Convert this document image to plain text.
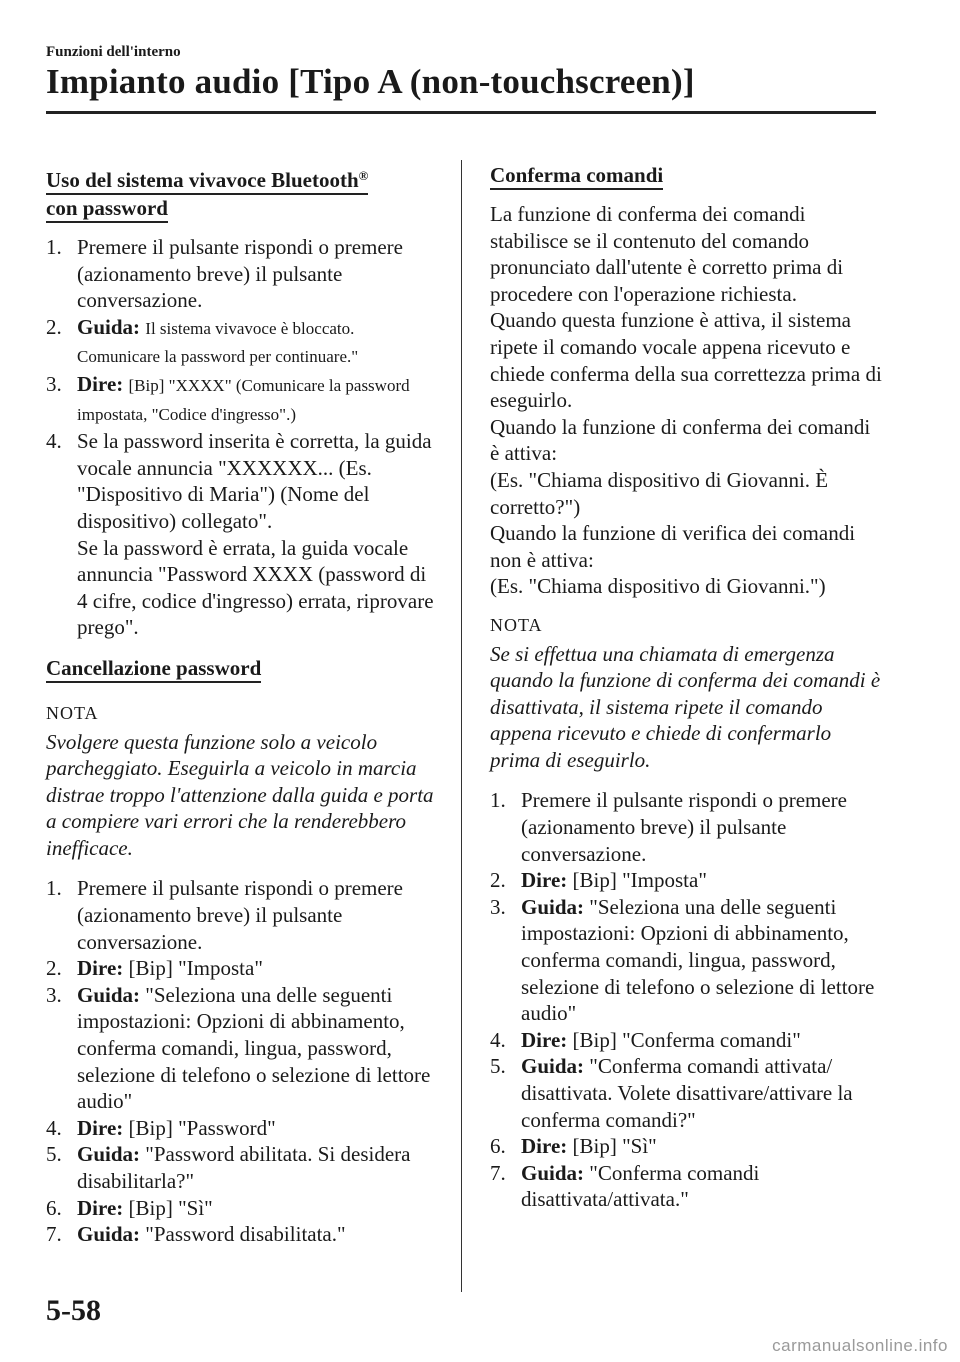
Funzioni dell'interno
Impianto audio [Tipo A (non-touchscreen)]
Uso del sistema vivavoce Bluetooth®
con password
1. Premere il pulsante rispondi o premere (azionamento breve) il pulsante conversazione.
2. Guida: Il sistema vivavoce è bloccato. Comunicare la password per continuare."
3. Dire: [Bip] "XXXX" (Comunicare la password impostata, "Codice d'ingresso".)
4. Se la password inserita è corretta, la guida vocale annuncia "XXXXXX... (Es. "Dispositivo di Maria") (Nome del dispositivo) collegato".
Se la password è errata, la guida vocale annuncia "Password XXXX (password di 4 cifre, codice d'ingresso) errata, riprovare prego".
Cancellazione password
NOTA
Svolgere questa funzione solo a veicolo parcheggiato. Eseguirla a veicolo in marcia distrae troppo l'attenzione dalla guida e porta a compiere vari errori che la renderebbero inefficace.
1. Premere il pulsante rispondi o premere (azionamento breve) il pulsante conversazione.
2. Dire: [Bip] "Imposta"
3. Guida: "Seleziona una delle seguenti impostazioni: Opzioni di abbinamento, conferma comandi, lingua, password, selezione di telefono o selezione di lettore audio"
4. Dire: [Bip] "Password"
5. Guida: "Password abilitata. Si desidera disabilitarla?"
6. Dire: [Bip] "Sì"
7. Guida: "Password disabilitata."
Conferma comandi
La funzione di conferma dei comandi stabilisce se il contenuto del comando pronunciato dall'utente è corretto prima di procedere con l'operazione richiesta.
Quando questa funzione è attiva, il sistema ripete il comando vocale appena ricevuto e chiede conferma della sua correttezza prima di eseguirlo.
Quando la funzione di conferma dei comandi è attiva:
(Es. "Chiama dispositivo di Giovanni. È corretto?")
Quando la funzione di verifica dei comandi non è attiva:
(Es. "Chiama dispositivo di Giovanni.")
NOTA
Se si effettua una chiamata di emergenza quando la funzione di conferma dei comandi è disattivata, il sistema ripete il comando appena ricevuto e chiede di confermarlo prima di eseguirlo.
1. Premere il pulsante rispondi o premere (azionamento breve) il pulsante conversazione.
2. Dire: [Bip] "Imposta"
3. Guida: "Seleziona una delle seguenti impostazioni: Opzioni di abbinamento, conferma comandi, lingua, password, selezione di telefono o selezione di lettore audio"
4. Dire: [Bip] "Conferma comandi"
5. Guida: "Conferma comandi attivata/ disattivata. Volete disattivare/attivare la conferma comandi?"
6. Dire: [Bip] "Sì"
7. Guida: "Conferma comandi disattivata/attivata."
5-58
carmanualsonline.info
